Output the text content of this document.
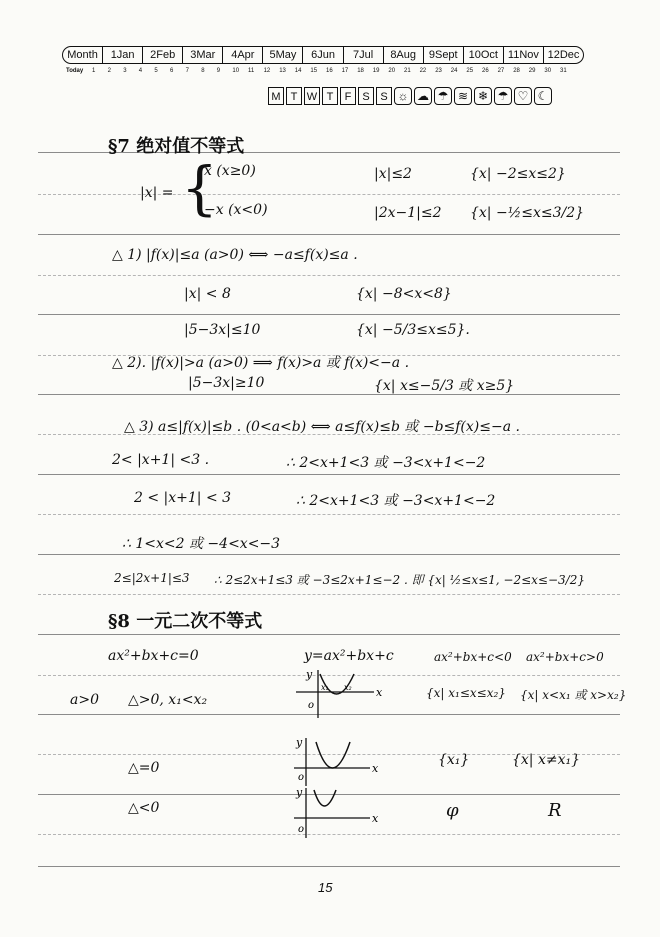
Month	1Jan	2Feb	3Mar	4Apr	5May	6Jun	7Jul	8Aug	9Sept	10Oct 11Nov 12Dec
Today 1 2 3 4 5 6 7 8 9 10 11 12 13 14 15 16 17 18 19 20 21 22 23 24 25 26 27 28 29 30 31
M T W T	F S S ☼ ☁ ☂ ≋ ❄ ☂ ♡ ☾
§7 绝对值不等式
|x| = {
x (x≥0)
−x (x<0)
|x|≤2	{x| −2≤x≤2}
|2x−1|≤2 {x| −½≤x≤3/2}
△ 1) |f(x)|≤a (a>0) ⟺ −a≤f(x)≤a .
|x| < 8	{x| −8<x<8}
|5−3x|≤10	{x| −5/3≤x≤5}.
△ 2). |f(x)|>a (a>0) ⟹ f(x)>a 或 f(x)<−a .
|5−3x|≥10	{x| x≤−5/3 或 x≥5}
△ 3) a≤|f(x)|≤b . (0<a<b) ⟺ a≤f(x)≤b 或 −b≤f(x)≤−a .
2< |x+1| <3 .	∴ 2<x+1<3 或 −3<x+1<−2
2 < |x+1| < 3	∴ 2<x+1<3 或 −3<x+1<−2
∴ 1<x<2 或 −4<x<−3
2≤|2x+1|≤3 ∴ 2≤2x+1≤3 或 −3≤2x+1≤−2 . 即 {x| ½≤x≤1, −2≤x≤−3/2}
§8 一元二次不等式
ax²+bx+c=0	y=ax²+bx+c	ax²+bx+c<0 ax²+bx+c>0
a>0 △>0, x₁<x₂	{x| x₁≤x≤x₂} {x| x<x₁ 或 x>x₂}
△=0	{x₁}	{x| x≠x₁}
△<0	φ	R
x
y
o
x₁ x₂
x
y
o
x
y
o
15
